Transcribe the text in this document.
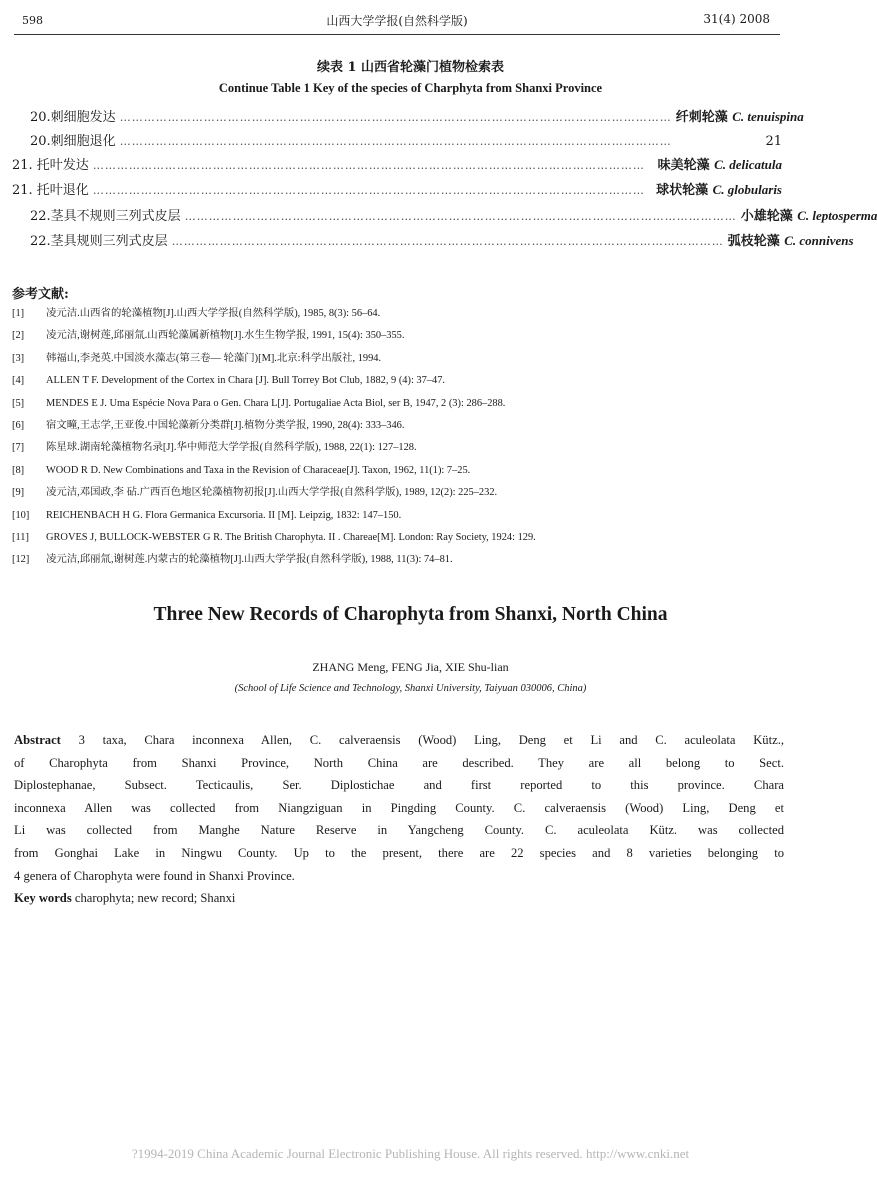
598	山西大学学报(自然科学版)	31(4) 2008
续表 1 山西省轮藻门植物检索表
Continue Table 1 Key of the species of Charphyta from Shanxi Province
20.刺细胞发达 ………………………………………………………………………………………………………………………… 纤刺轮藻 C. tenuispina
20.刺细胞退化 …………………………………………………………………………………………………………………………	21
21. 托叶发达 ………………………………………………………………………………………………………………………… 味美轮藻 C. delicatula
21. 托叶退化 ………………………………………………………………………………………………………………………… 球状轮藻 C. globularis
22.茎具不规则三列式皮层 ………………………………………………………………………………………………………………………… 小雄轮藻 C. leptosperma
22.茎具规则三列式皮层 ………………………………………………………………………………………………………………………… 弧枝轮藻 C. connivens
参考文献:
[1] 凌元洁.山西省的轮藻植物[J].山西大学学报(自然科学版), 1985, 8(3): 56–64.
[2] 凌元洁,谢树莲,邱丽氚.山西轮藻属新植物[J].水生生物学报, 1991, 15(4): 350–355.
[3] 韩福山,李尧英.中国淡水藻志(第三卷— 轮藻门)[M].北京:科学出版社, 1994.
[4] ALLEN T F. Development of the Cortex in Chara [J]. Bull Torrey Bot Club, 1882, 9 (4): 37–47.
[5] MENDES E J. Uma Espécie Nova Para o Gen. Chara L[J]. Portugaliae Acta Biol, ser B, 1947, 2 (3): 286–288.
[6] 宿文疃,王志学,王亚俊.中国轮藻新分类群[J].植物分类学报, 1990, 28(4): 333–346.
[7] 陈星球.湖南轮藻植物名录[J].华中师范大学学报(自然科学版), 1988, 22(1): 127–128.
[8] WOOD R D. New Combinations and Taxa in the Revision of Characeae[J]. Taxon, 1962, 11(1): 7–25.
[9] 凌元洁,邓国政,李 砧.广西百色地区轮藻植物初报[J].山西大学学报(自然科学版), 1989, 12(2): 225–232.
[10] REICHENBACH H G. Flora Germanica Excursoria. II [M]. Leipzig, 1832: 147–150.
[11] GROVES J, BULLOCK-WEBSTER G R. The British Charophyta. II . Chareae[M]. London: Ray Society, 1924: 129.
[12] 凌元洁,邱丽氚,谢树莲.内蒙古的轮藻植物[J].山西大学学报(自然科学版), 1988, 11(3): 74–81.
Three New Records of Charophyta from Shanxi, North China
ZHANG Meng, FENG Jia, XIE Shu-lian
(School of Life Science and Technology, Shanxi University, Taiyuan 030006, China)
Abstract 3 taxa, Chara inconnexa Allen, C. calveraensis (Wood) Ling, Deng et Li and C. aculeolata Kütz.,
of Charophyta from Shanxi Province, North China are described. They are all belong to Sect.
Diplostephanae, Subsect. Tecticaulis, Ser. Diplostichae and first reported to this province. Chara
inconnexa Allen was collected from Niangziguan in Pingding County. C. calveraensis (Wood) Ling, Deng et
Li was collected from Manghe Nature Reserve in Yangcheng County. C. aculeolata Kütz. was collected
from Gonghai Lake in Ningwu County. Up to the present, there are 22 species and 8 varieties belonging to
4 genera of Charophyta were found in Shanxi Province.
Key words charophyta; new record; Shanxi
?1994-2019 China Academic Journal Electronic Publishing House. All rights reserved. http://www.cnki.net
